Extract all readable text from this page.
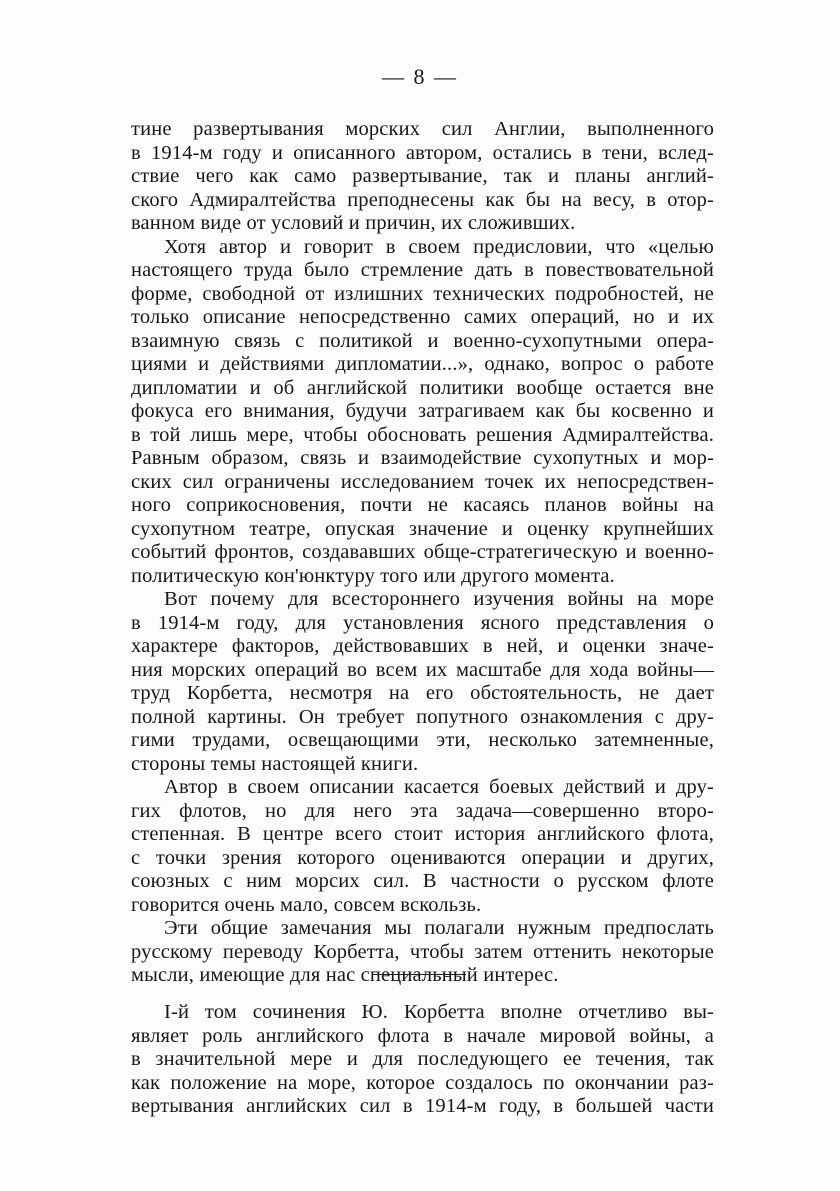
— 8 —
тине развертывания морских сил Англии, выполненного
в 1914-м году и описанного автором, остались в тени, вслед-
ствие чего как само развертывание, так и планы англий-
ского Адмиралтейства преподнесены как бы на весу, в отор-
ванном виде от условий и причин, их сложивших.
Хотя автор и говорит в своем предисловии, что «целью
настоящего труда было стремление дать в повествовательной
форме, свободной от излишних технических подробностей, не
только описание непосредственно самих операций, но и их
взаимную связь с политикой и военно-сухопутными опера-
циями и действиями дипломатии...», однако, вопрос о работе
дипломатии и об английской политики вообще остается вне
фокуса его внимания, будучи затрагиваем как бы косвенно и
в той лишь мере, чтобы обосновать решения Адмиралтейства.
Равным образом, связь и взаимодействие сухопутных и мор-
ских сил ограничены исследованием точек их непосредствен-
ного соприкосновения, почти не касаясь планов войны на
сухопутном театре, опуская значение и оценку крупнейших
событий фронтов, создававших обще-стратегическую и военно-
политическую кон'юнктуру того или другого момента.
Вот почему для всестороннего изучения войны на море
в 1914-м году, для установления ясного представления о
характере факторов, действовавших в ней, и оценки значе-
ния морских операций во всем их масштабе для хода войны—
труд Корбетта, несмотря на его обстоятельность, не дает
полной картины. Он требует попутного ознакомления с дру-
гими трудами, освещающими эти, несколько затемненные,
стороны темы настоящей книги.
Автор в своем описании касается боевых действий и дру-
гих флотов, но для него эта задача—совершенно второ-
степенная. В центре всего стоит история английского флота,
с точки зрения которого оцениваются операции и других,
союзных с ним морсих сил. В частности о русском флоте
говорится очень мало, совсем вскользь.
Эти общие замечания мы полагали нужным предпослать
русскому переводу Корбетта, чтобы затем оттенить некоторые
мысли, имеющие для нас специальный интерес.
I-й том сочинения Ю. Корбетта вполне отчетливо вы-
являет роль английского флота в начале мировой войны, а
в значительной мере и для последующего ее течения, так
как положение на море, которое создалось по окончании раз-
вертывания английских сил в 1914-м году, в большей части
